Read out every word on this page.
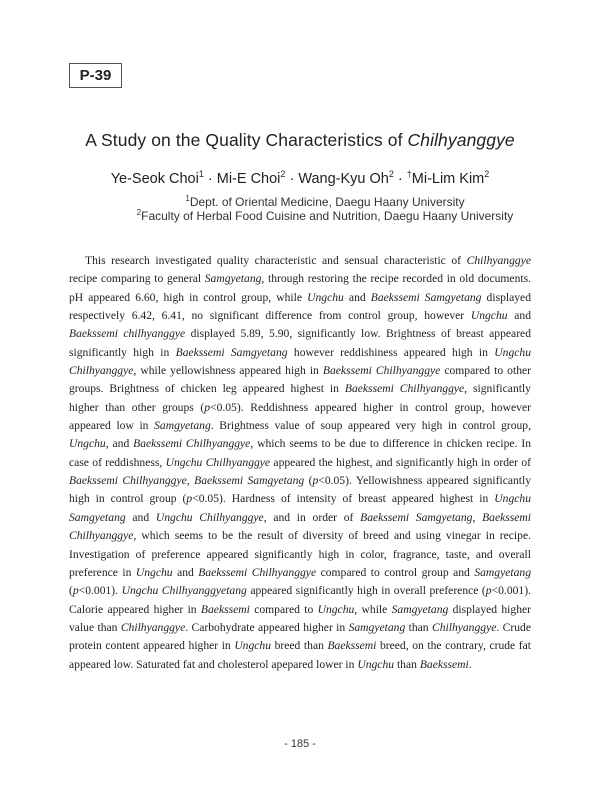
P-39
A Study on the Quality Characteristics of Chilhyanggye
Ye-Seok Choi$^1$ · Mi-E Choi$^2$ · Wang-Kyu $Oh^2 \cdot ^\dagger Mi-Lim$ Kim$^2$
$^1$Dept. of Oriental Medicine, Daegu Haany University
$^2$Faculty of Herbal Food Cuisine and Nutrition, Daegu Haany University

This research investigated quality characteristic and sensual characteristic of Chilhyanggye recipe comparing to general Samgyetang, through restoring the recipe recorded in old documents. pH appeared 6.60, high in control group, while Ungchu and Baekssemi Samgyetang displayed respectively 6.42, 6.41, no significant difference from control group, however Ungchu and Baekssemi chilhyanggye displayed 5.89, 5.90, significantly low. Brightness of breast appeared significantly high in Baekssemi Samgyetang however reddishiness appeared high in Ungchu Chilhyanggye, while yellowishness appeared high in Baekssemi Chilhyanggye compared to other groups. Brightness of chicken leg appeared highest in Baekssemi Chilhyanggye, significantly higher than other groups (p<0.05). Reddishness appeared higher in control group, however appeared low in Samgyetang. Brightness value of soup appeared very high in control group, Ungchu, and Baekssemi Chilhyanggye, which seems to be due to difference in chicken recipe. In case of reddishness, Ungchu Chilhyanggye appeared the highest, and significantly high in order of Baekssemi Chilhyanggye, Baekssemi Samgyetang (p<0.05). Yellowishness appeared significantly high in control group (p<0.05). Hardness of intensity of breast appeared highest in Ungchu Samgyetang and Ungchu Chilhyanggye, and in order of Baekssemi Samgyetang, Baekssemi Chilhyanggye, which seems to be the result of diversity of breed and using vinegar in recipe. Investigation of preference appeared significantly high in color, fragrance, taste, and overall preference in Ungchu and Baekssemi Chilhyanggye compared to control group and Samgyetang (p<0.001). Ungchu Chilhyanggyetang appeared significantly high in overall preference (p<0.001). Calorie appeared higher in Baekssemi compared to Ungchu, while Samgyetang displayed higher value than Chilhyanggye. Carbohydrate appeared higher in Samgyetang than Chilhyanggye. Crude protein content appeared higher in Ungchu breed than Baekssemi breed, on the contrary, crude fat appeared low. Saturated fat and cholesterol apepared lower in Ungchu than Baekssemi.

- 185 -
